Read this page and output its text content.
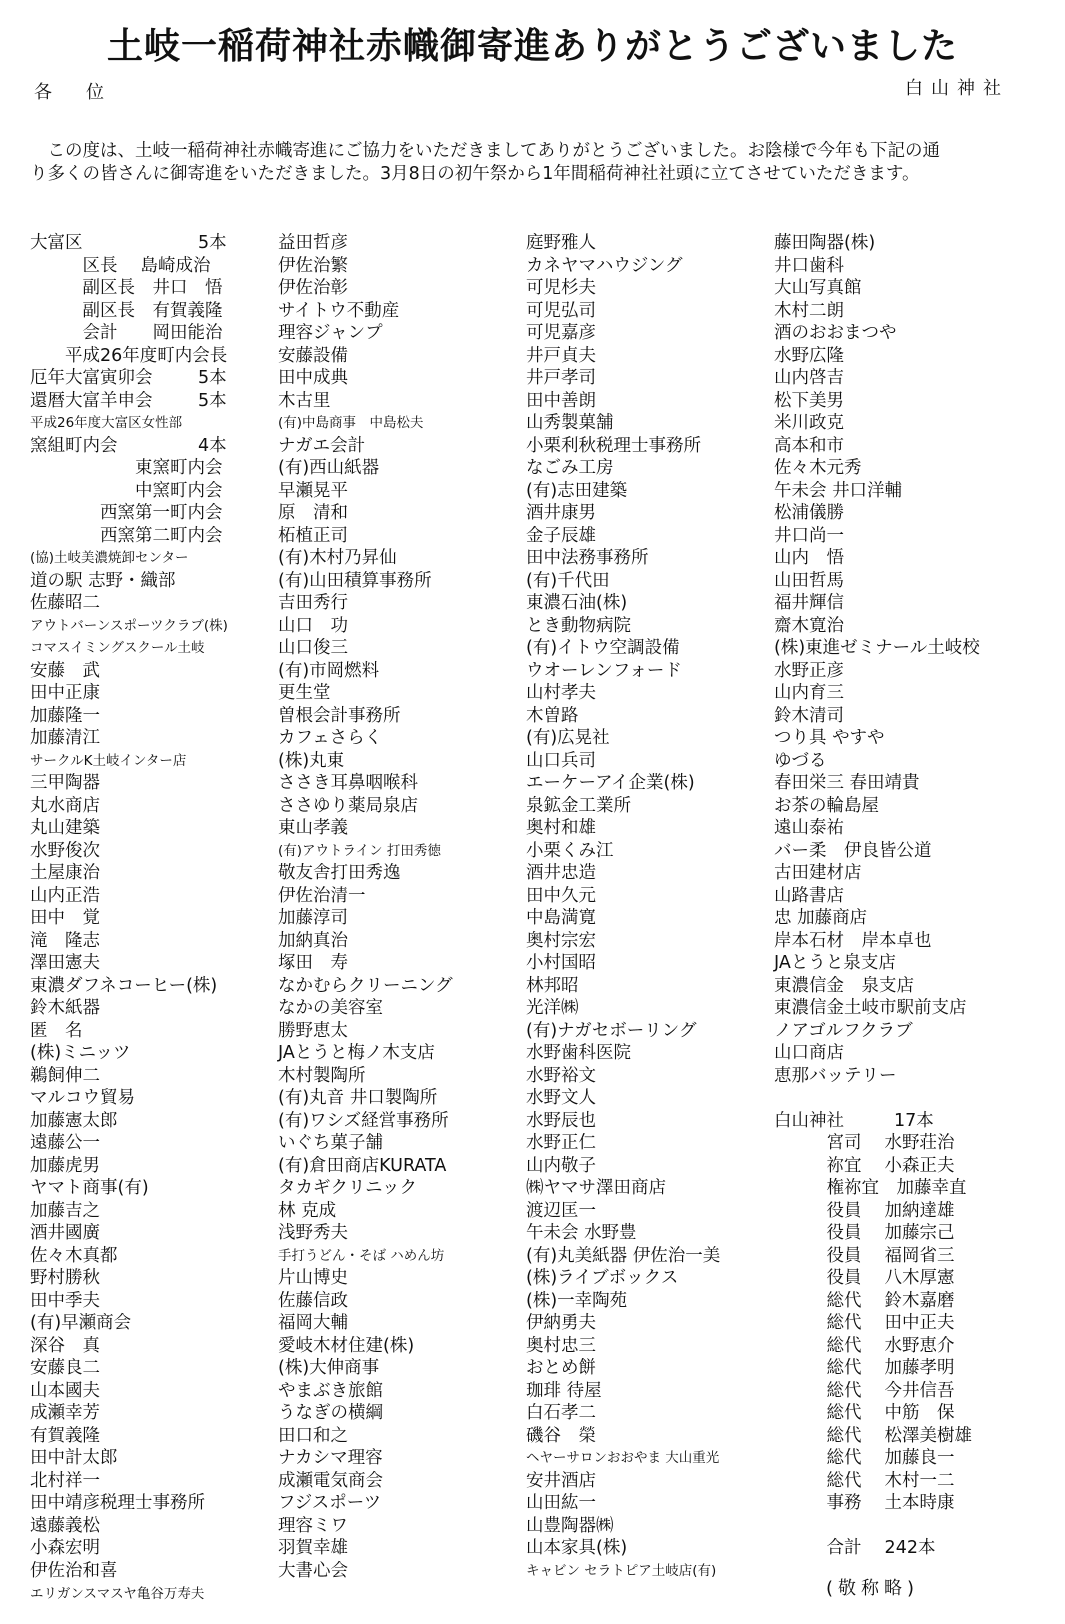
土岐一稲荷神社赤幟御寄進ありがとうございました
各　位	白山神社

　この度は、土岐一稲荷神社赤幟寄進にご協力をいただきましてありがとうございました。お陰様で今年も下記の通

り多くの皆さんに御寄進をいただきました。3月8日の初午祭から1年間稲荷神社社頭に立てさせていただきます。

大富区	5本
　　　区長　 島崎成治
　　　副区長　井口　悟
　　　副区長　有賀義隆
　　　会計　　岡田能治
　　平成26年度町内会長
厄年大富寅卯会	5本
還暦大富羊申会	5本
平成26年度大富区女性部
窯組町内会	4本
　　　　　　東窯町内会
　　　　　　中窯町内会
　　　　西窯第一町内会
　　　　西窯第二町内会
(協)土岐美濃焼卸センター
道の駅 志野・織部
佐藤昭二
アウトバーンスポーツクラブ(株)
コマスイミングスクール土岐
安藤　武
田中正康
加藤隆一
加藤清江
サークルK土岐インター店
三甲陶器
丸水商店
丸山建築
水野俊次
土屋康治
山内正浩
田中　覚
滝　隆志
澤田憲夫
東濃ダフネコーヒー(株)
鈴木紙器
匿　名
(株)ミニッツ
鵜飼伸二
マルコウ貿易
加藤憲太郎
遠藤公一
加藤虎男
ヤマト商事(有)
加藤吉之
酒井國廣
佐々木真都
野村勝秋
田中季夫
(有)早瀬商会
深谷　真
安藤良二
山本國夫
成瀬幸芳
有賀義隆
田中計太郎
北村祥一
田中靖彦税理士事務所
遠藤義松
小森宏明
伊佐治和喜
益田哲彦
伊佐治繁
伊佐治彰
サイトウ不動産
理容ジャンプ
安藤設備
田中成典
木古里
(有)中島商事　中島松夫
ナガエ会計
(有)西山紙器
早瀬晃平
原　清和
柘植正司
(有)木村乃昇仙
(有)山田積算事務所
吉田秀行
山口　功
山口俊三
(有)市岡燃料
更生堂
曽根会計事務所
カフェさらく
(株)丸東
ささき耳鼻咽喉科
ささゆり薬局泉店
東山孝義
(有)アウトライン 打田秀徳
敬友舎打田秀逸
伊佐治清一
加藤淳司
加納真治
塚田　寿
なかむらクリーニング
なかの美容室
勝野恵太
JAとうと梅ノ木支店
木村製陶所
(有)丸音 井口製陶所
(有)ワシズ経営事務所
いぐち菓子舗
(有)倉田商店KURATA
タカギクリニック
林 克成
浅野秀夫
手打うどん・そば ハめん坊
片山博史
佐藤信政
福岡大輔
愛岐木材住建(株)
(株)大伸商事
やまぶき旅館
うなぎの横綱
田口和之
ナカシマ理容
成瀬電気商会
フジスポーツ
理容ミワ
羽賀幸雄
大書心会
庭野雅人
カネヤマハウジング
可児杉夫
可児弘司
可児嘉彦
井戸貞夫
井戸孝司
田中善朗
山秀製菓舗
小栗利秋税理士事務所
なごみ工房
(有)志田建築
酒井康男
金子辰雄
田中法務事務所
(有)千代田
東濃石油(株)
とき動物病院
(有)イトウ空調設備
ウオーレンフォード
山村孝夫
木曽路
(有)広晃社
山口兵司
エーケーアイ企業(株)
泉鉱金工業所
奥村和雄
小栗くみ江
酒井忠造
田中久元
中島満寛
奥村宗宏
小村国昭
林邦昭
光洋㈱
(有)ナガセボーリング
水野歯科医院
水野裕文
水野文人
水野辰也
水野正仁
山内敬子
㈱ヤマサ澤田商店
渡辺匡一
午未会 水野豊
(有)丸美紙器 伊佐治一美
(株)ライブボックス
(株)一幸陶苑
伊納勇夫
奥村忠三
おとめ餅
珈琲 待屋
白石孝二
磯谷　榮
ヘヤーサロンおおやま 大山重光
安井酒店
山田紘一
山豊陶器㈱
山本家具(株)
キャビン セラトピア土岐店(有)
藤田陶器(株)
井口歯科
大山写真館
木村二朗
酒のおおまつや
水野広隆
山内啓吉
松下美男
米川政克
高本和市
佐々木元秀
午未会 井口洋輔
松浦儀勝
井口尚一
山内　悟
山田哲馬
福井輝信
齋木寛治
(株)東進ゼミナール土岐校
水野正彦
山内育三
鈴木清司
つり具 やすや
ゆづる
春田栄三 春田靖貴
お茶の輪島屋
遠山泰祐
バー柔　伊良皆公道
古田建材店
山路書店
忠 加藤商店
岸本石材　岸本卓也
JAとうと泉支店
東濃信金　泉支店
東濃信金土岐市駅前支店
ノアゴルフクラブ
山口商店
恵那バッテリー
白山神社	17本
　　　宮司　 水野荘治
　　　祢宜　 小森正夫
　　　権祢宜　加藤幸直
　　　役員　 加納達雄
　　　役員　 加藤宗己
　　　役員　 福岡省三
　　　役員　 八木厚憲
　　　総代　 鈴木嘉磨
　　　総代　 田中正夫
　　　総代　 水野恵介
　　　総代　 加藤孝明
　　　総代　 今井信吾
　　　総代　 中筋　保
　　　総代　 松澤美樹雄
　　　総代　 加藤良一
　　　総代　 木村一二
　　　事務　 土本時康
　　　合計　 242本
エリガンスマスヤ亀谷万寿夫	(敬称略)
